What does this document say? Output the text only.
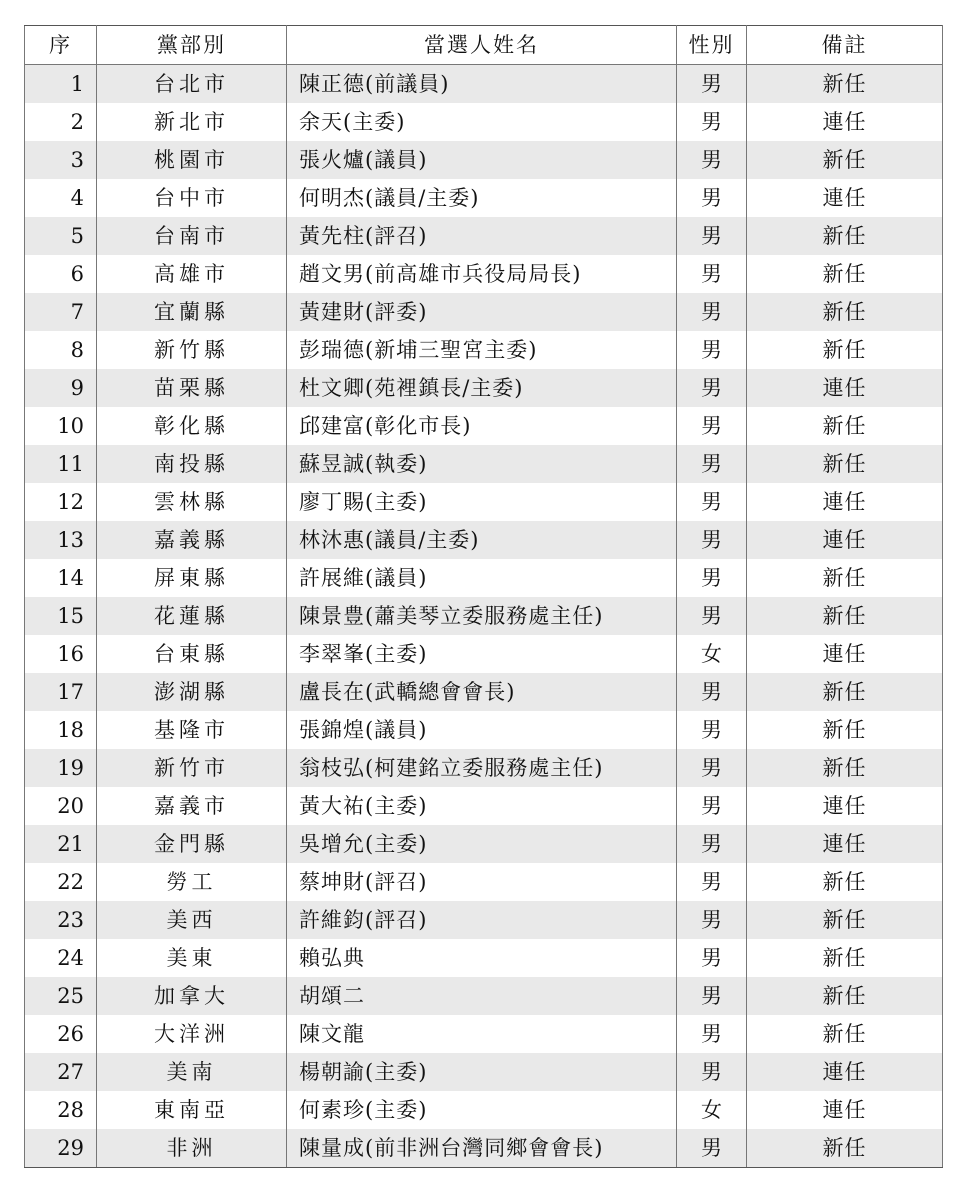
序	黨部別	當選人姓名	性別	備註
1	台北市	陳正德(前議員)	男	新任
2	新北市	余天(主委)	男	連任
3	桃園市	張火爐(議員)	男	新任
4	台中市	何明杰(議員/主委)	男	連任
5	台南市	黃先柱(評召)	男	新任
6	高雄市	趙文男(前高雄市兵役局局長)	男	新任
7	宜蘭縣	黃建財(評委)	男	新任
8	新竹縣	彭瑞德(新埔三聖宮主委)	男	新任
9	苗栗縣	杜文卿(苑裡鎮長/主委)	男	連任
10	彰化縣	邱建富(彰化市長)	男	新任
11	南投縣	蘇昱誠(執委)	男	新任
12	雲林縣	廖丁賜(主委)	男	連任
13	嘉義縣	林沐惠(議員/主委)	男	連任
14	屏東縣	許展維(議員)	男	新任
15	花蓮縣	陳景豊(蕭美琴立委服務處主任)	男	新任
16	台東縣	李翠峯(主委)	女	連任
17	澎湖縣	盧長在(武轎總會會長)	男	新任
18	基隆市	張錦煌(議員)	男	新任
19	新竹市	翁枝弘(柯建銘立委服務處主任)	男	新任
20	嘉義市	黃大祐(主委)	男	連任
21	金門縣	吳增允(主委)	男	連任
22	勞工	蔡坤財(評召)	男	新任
23	美西	許維鈞(評召)	男	新任
24	美東	賴弘典	男	新任
25	加拿大	胡頌二	男	新任
26	大洋洲	陳文龍	男	新任
27	美南	楊朝諭(主委)	男	連任
28	東南亞	何素珍(主委)	女	連任
29	非洲	陳量成(前非洲台灣同鄉會會長)	男	新任
